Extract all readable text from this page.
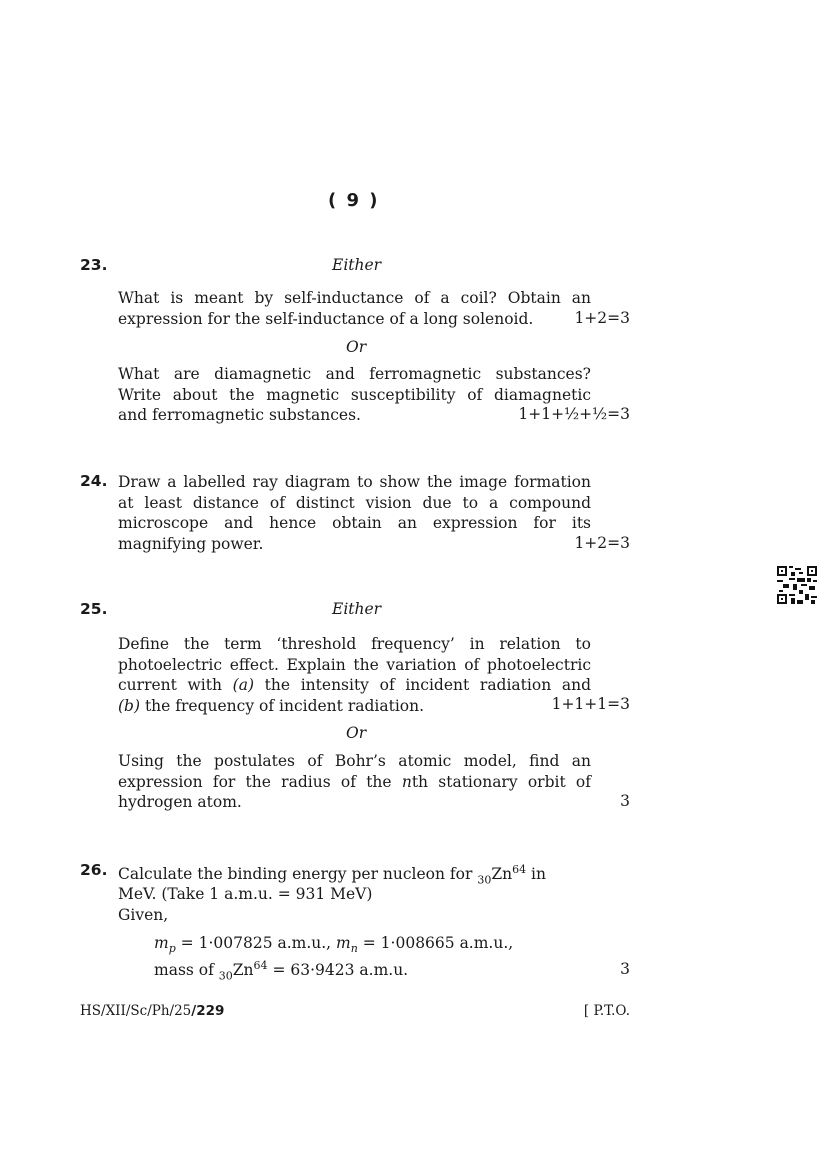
( 9 )
23.	Either
What is meant by self-inductance of a coil? Obtain an
expression for the self-inductance of a long solenoid.	1+2=3
Or
What are diamagnetic and ferromagnetic substances?
Write about the magnetic susceptibility of diamagnetic
and ferromagnetic substances.	1+1+½+½=3
24. Draw a labelled ray diagram to show the image formation
at least distance of distinct vision due to a compound
microscope and hence obtain an expression for its
magnifying power.	1+2=3
25.	Either
Define the term ‘threshold frequency’ in relation to
photoelectric effect. Explain the variation of photoelectric
current with (a) the intensity of incident radiation and
(b) the frequency of incident radiation.	1+1+1=3
Or
Using the postulates of Bohr’s atomic model, find an
expression for the radius of the nth stationary orbit of
hydrogen atom.	3
26. Calculate the binding energy per nucleon for $_{30}Zn^{64}$ in
MeV. (Take 1 a.m.u. = 931 MeV)
Given,
$m_p = 1\cdot 007825$ a.m.u., $m_n = 1\cdot 008665$ a.m.u.,
mass of $_{30}Zn^{64} = 63\cdot 9423$ a.m.u.	3
HS/XII/Sc/Ph/25/229	[ P.T.O.
